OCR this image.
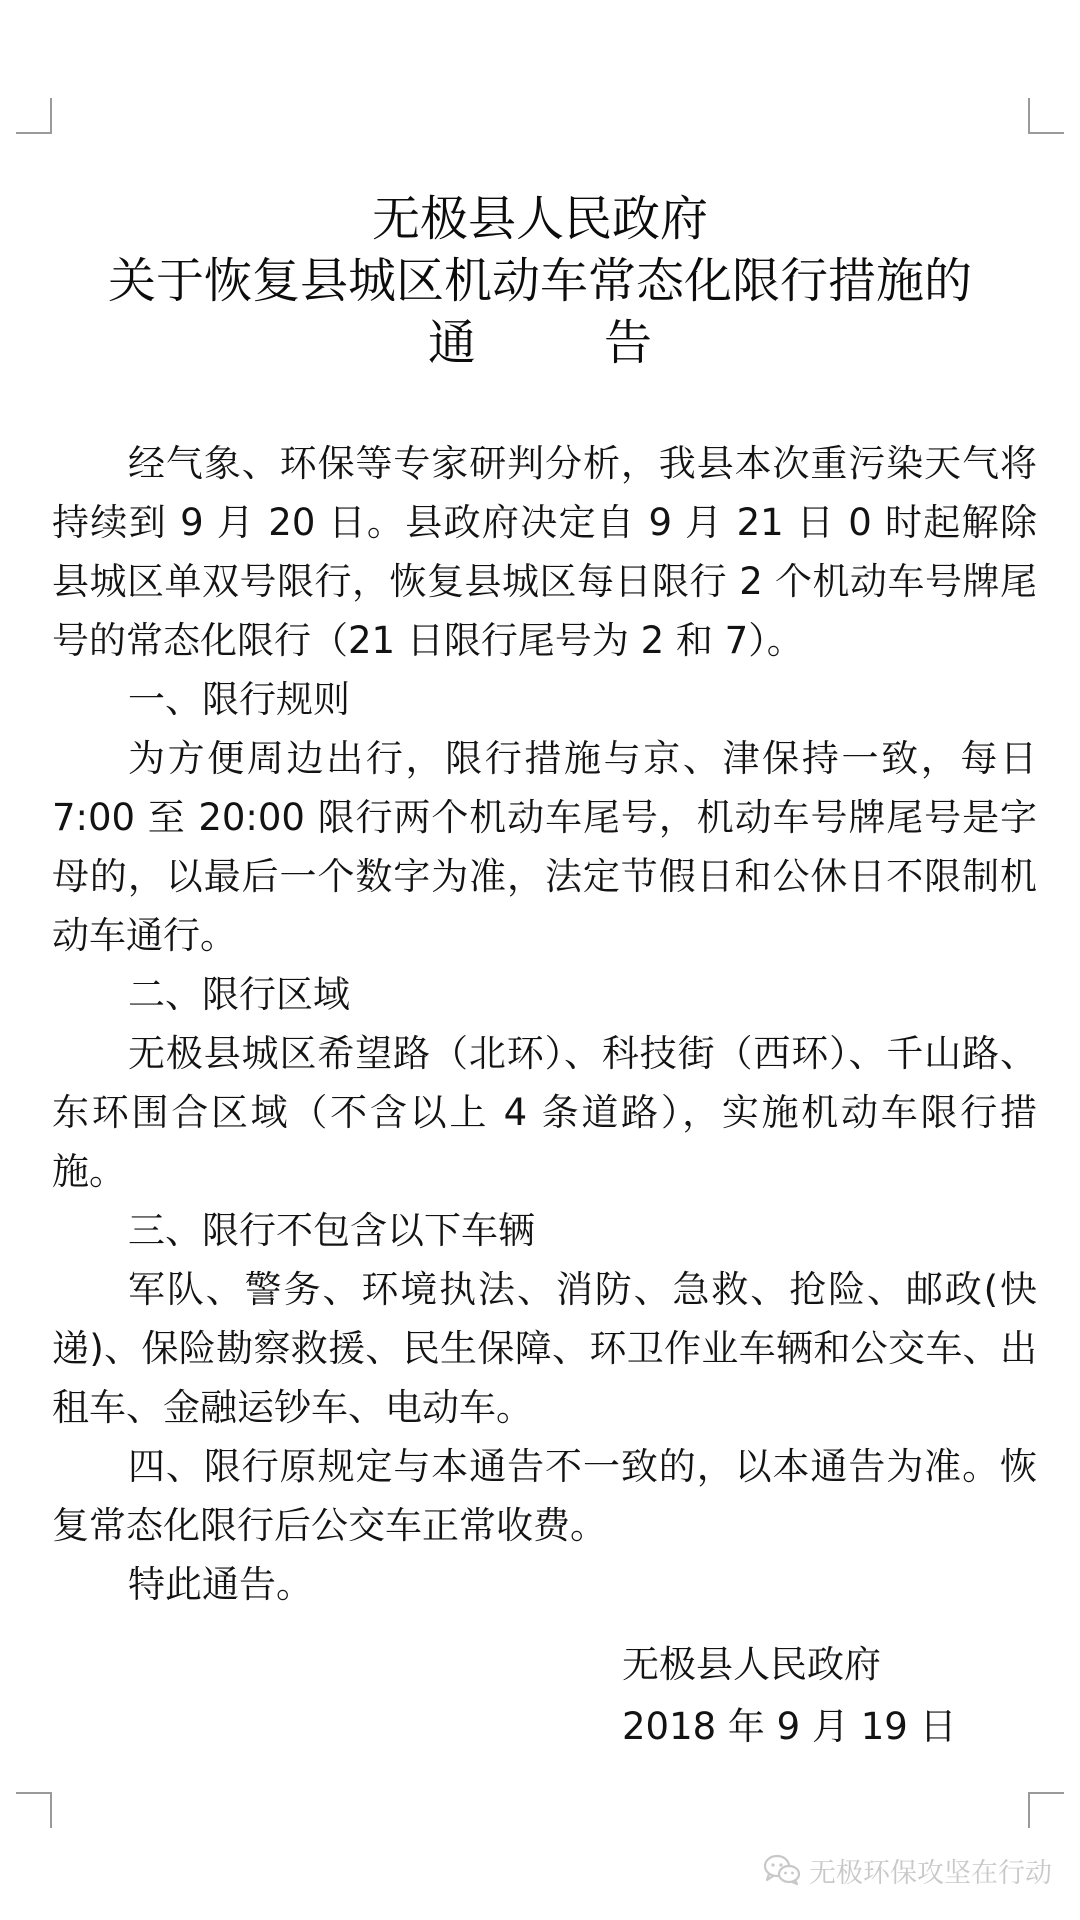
无极县人民政府
关于恢复县城区机动车常态化限行措施的
通	告

经气象、环保等专家研判分析，我县本次重污染天气将持续到 9 月 20 日。县政府决定自 9 月 21 日 0 时起解除县城区单双号限行，恢复县城区每日限行 2 个机动车号牌尾号的常态化限行（21 日限行尾号为 2 和 7）。

一、限行规则

为方便周边出行，限行措施与京、津保持一致，每日 7:00 至 20:00 限行两个机动车尾号，机动车号牌尾号是字母的，以最后一个数字为准，法定节假日和公休日不限制机动车通行。

二、限行区域

无极县城区希望路（北环）、科技街（西环）、千山路、东环围合区域（不含以上 4 条道路），实施机动车限行措施。

三、限行不包含以下车辆

军队、警务、环境执法、消防、急救、抢险、邮政(快递)、保险勘察救援、民生保障、环卫作业车辆和公交车、出租车、金融运钞车、电动车。

四、限行原规定与本通告不一致的，以本通告为准。恢复常态化限行后公交车正常收费。

特此通告。

无极县人民政府
2018 年 9 月 19 日
无极环保攻坚在行动
